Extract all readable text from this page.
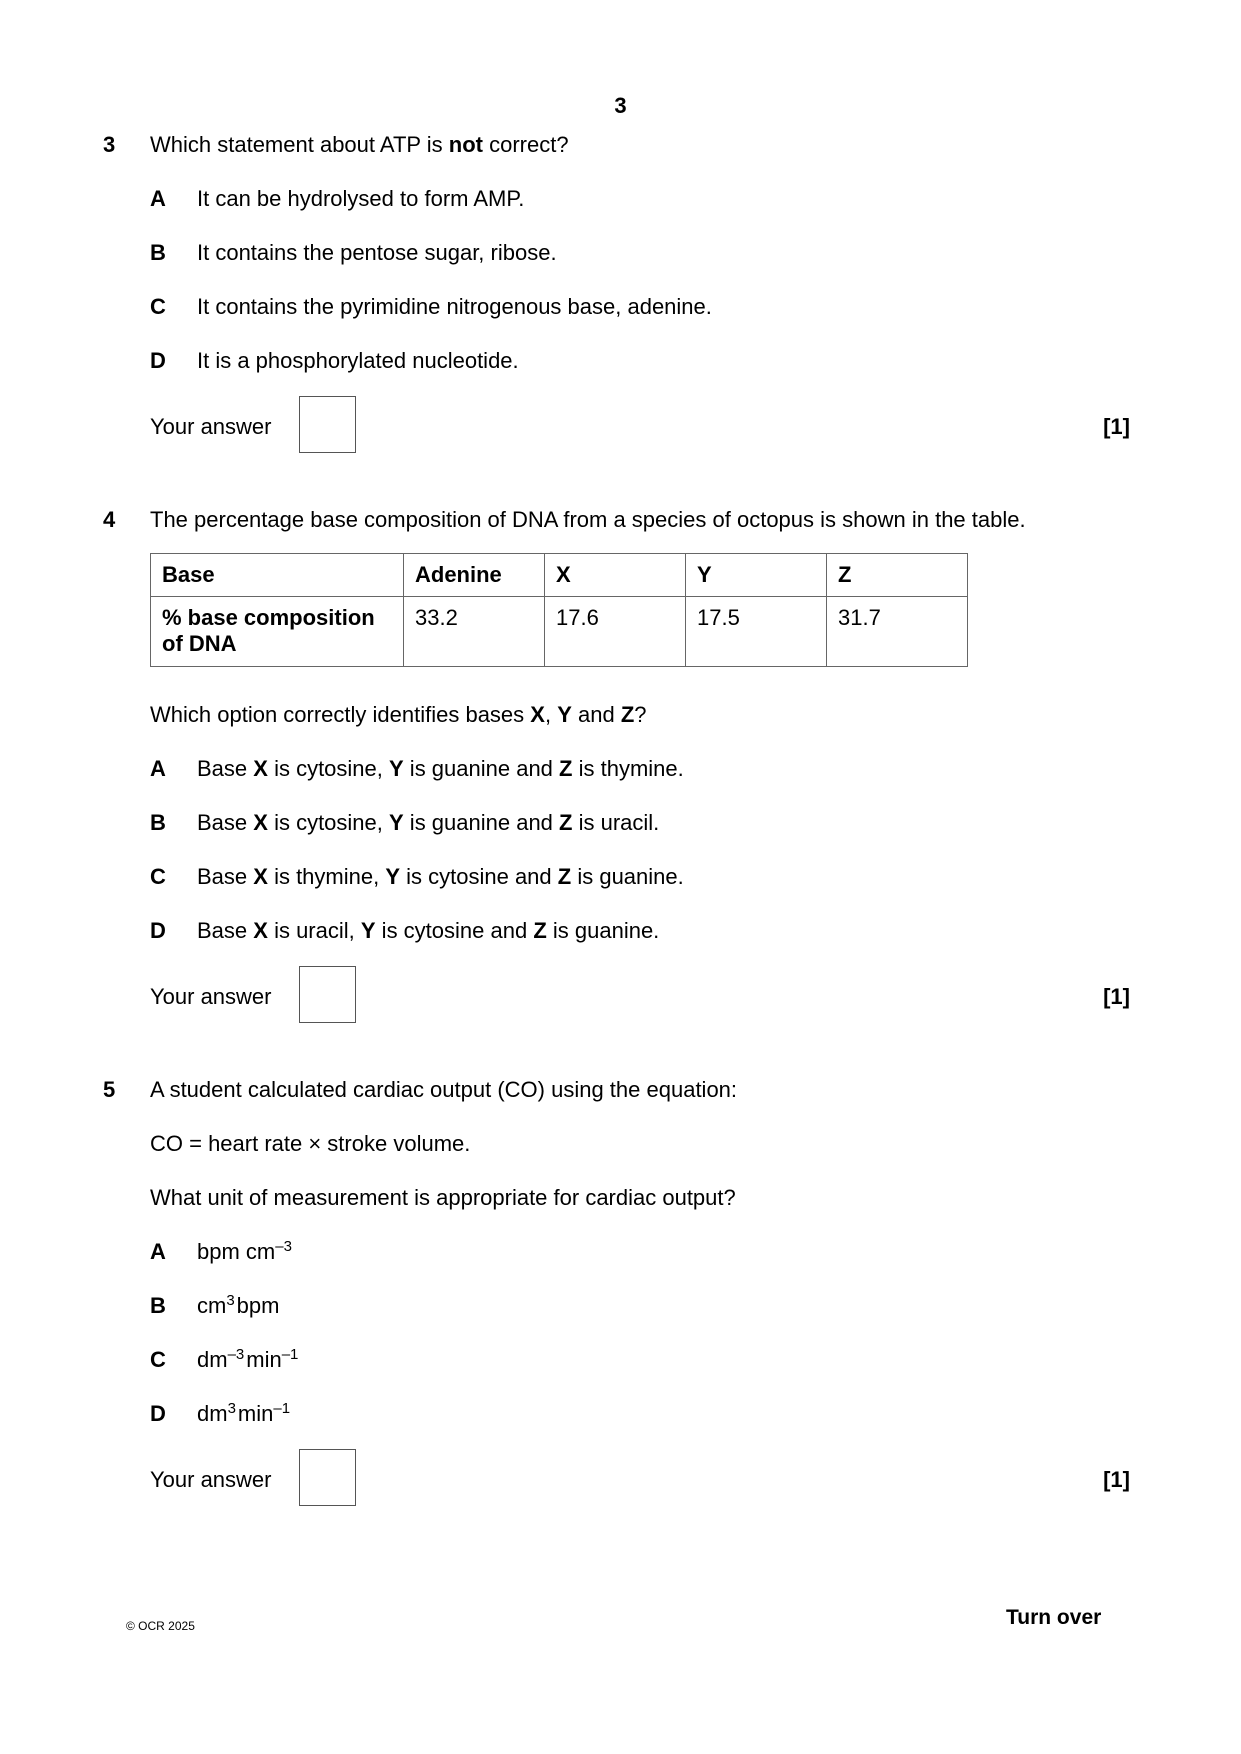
3
3 Which statement about ATP is not correct?
A It can be hydrolysed to form AMP.
B It contains the pentose sugar, ribose.
C It contains the pyrimidine nitrogenous base, adenine.
D It is a phosphorylated nucleotide.
Your answer	[1]
4 The percentage base composition of DNA from a species of octopus is shown in the table.
Base	Adenine	X	Y	Z
% base composition
of DNA	33.2	17.6	17.5	31.7
Which option correctly identifies bases X, Y and Z?
A Base X is cytosine, Y is guanine and Z is thymine.
B Base X is cytosine, Y is guanine and Z is uracil.
C Base X is thymine, Y is cytosine and Z is guanine.
D Base X is uracil, Y is cytosine and Z is guanine.
Your answer	[1]
5 A student calculated cardiac output (CO) using the equation:
CO = heart rate × stroke volume.
What unit of measurement is appropriate for cardiac output?
A bpm $cm^{-3}$
B $cm^3bpm$
C $dm^{-3}\min^{-1}$
D $dm^3\min^{-1}$
Your answer	[1]
© OCR 2025	Turn over
